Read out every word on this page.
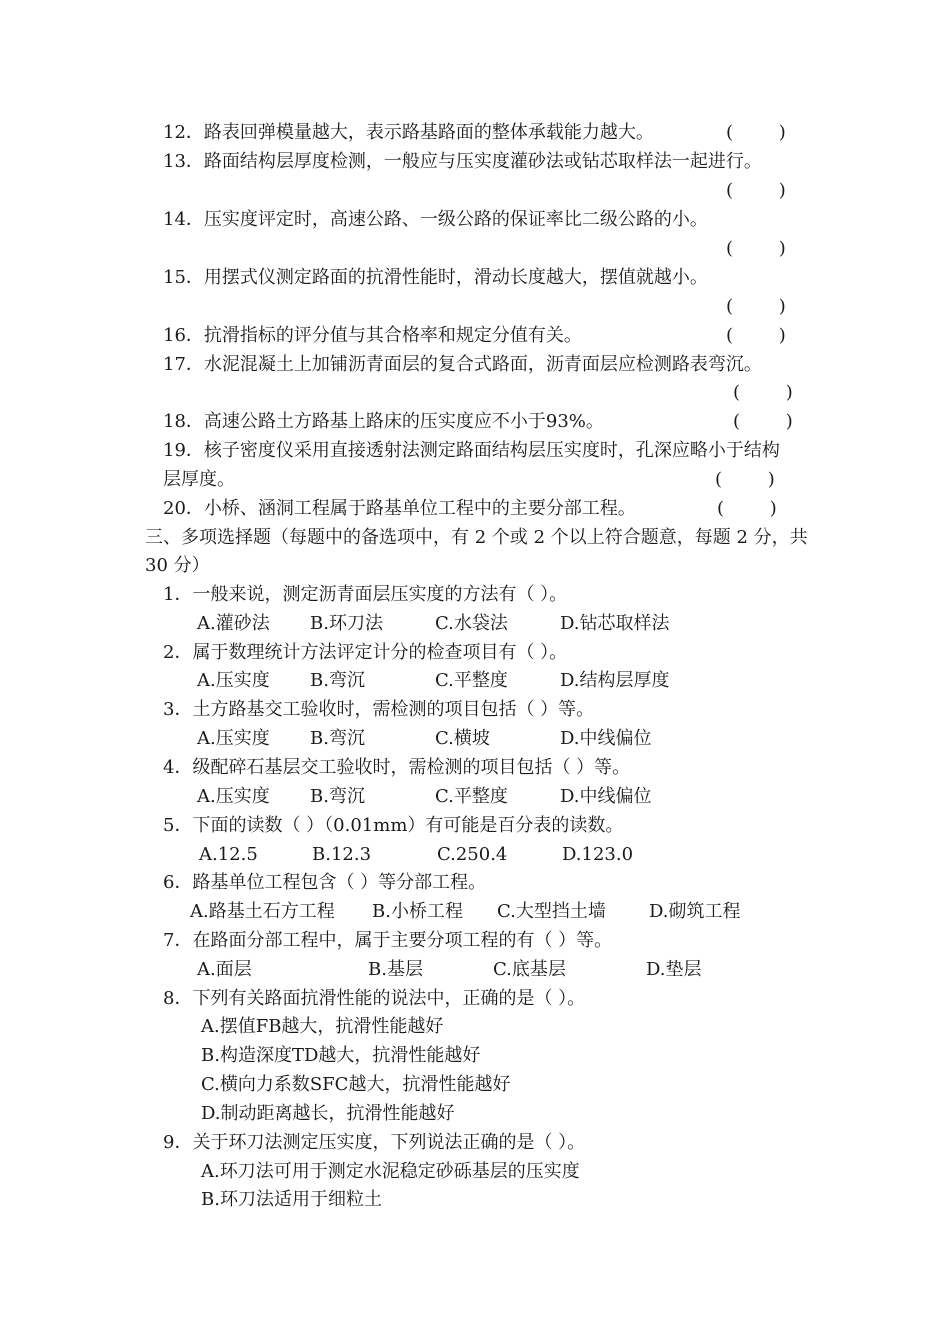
12．路表回弹模量越大，表示路基路面的整体承载能力越大。	(        )
13．路面结构层厚度检测，一般应与压实度灌砂法或钻芯取样法一起进行。
(        )
14．压实度评定时，高速公路、一级公路的保证率比二级公路的小。
(        )
15．用摆式仪测定路面的抗滑性能时，滑动长度越大，摆值就越小。
(        )
16．抗滑指标的评分值与其合格率和规定分值有关。	(        )
17．水泥混凝土上加铺沥青面层的复合式路面，沥青面层应检测路表弯沉。
(        )
18．高速公路土方路基上路床的压实度应不小于93%。	(        )
19．核子密度仪采用直接透射法测定路面结构层压实度时，孔深应略小于结构
层厚度。	(        )
20．小桥、涵洞工程属于路基单位工程中的主要分部工程。
三、多项选择题（每题中的备选项中，有 2 个或 2 个以上符合题意，每题 2 分，共
30 分）
1．一般来说，测定沥青面层压实度的方法有（ ）。
A.灌砂法 B.环刀法	C.水袋法	D.钻芯取样法
2．属于数理统计方法评定计分的检查项目有（ ）。
A.压实度 B.弯沉	C.平整度	D.结构层厚度
3．土方路基交工验收时，需检测的项目包括（ ）等。
A.压实度 B.弯沉	C.横坡	D.中线偏位
4．级配碎石基层交工验收时，需检测的项目包括（ ）等。
A.压实度 B.弯沉	C.平整度	D.中线偏位
5．下面的读数（ ）（0.01mm）有可能是百分表的读数。
A.12.5	B.12.3	C.250.4	D.123.0
6．路基单位工程包含（ ）等分部工程。
A.路基土石方工程 B.小桥工程 C.大型挡土墙 D.砌筑工程
7．在路面分部工程中，属于主要分项工程的有（ ）等。
A.面层	B.基层	C.底基层	D.垫层
8．下列有关路面抗滑性能的说法中，正确的是（ ）。
A.摆值FB越大，抗滑性能越好
B.构造深度TD越大，抗滑性能越好
C.横向力系数SFC越大，抗滑性能越好
D.制动距离越长，抗滑性能越好
9．关于环刀法测定压实度，下列说法正确的是（ ）。
A.环刀法可用于测定水泥稳定砂砾基层的压实度
B.环刀法适用于细粒土
(        )
